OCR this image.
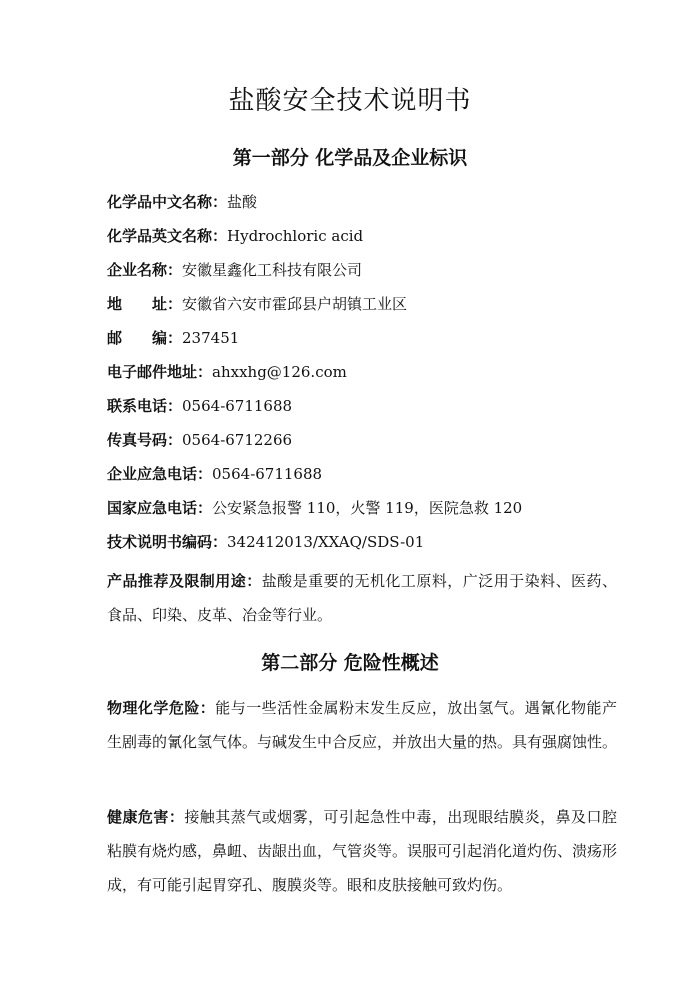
盐酸安全技术说明书
第一部分 化学品及企业标识
化学品中文名称：盐酸
化学品英文名称：Hydrochloric acid
企业名称：安徽星鑫化工科技有限公司
地　　址：安徽省六安市霍邱县户胡镇工业区
邮　　编：237451
电子邮件地址：ahxxhg@126.com
联系电话：0564-6711688
传真号码：0564-6712266
企业应急电话：0564-6711688
国家应急电话：公安紧急报警 110，火警 119，医院急救 120
技术说明书编码：342412013/XXAQ/SDS-01
产品推荐及限制用途：盐酸是重要的无机化工原料，广泛用于染料、医药、食品、印染、皮革、冶金等行业。
第二部分 危险性概述
物理化学危险：能与一些活性金属粉末发生反应，放出氢气。遇氰化物能产生剧毒的氰化氢气体。与碱发生中合反应，并放出大量的热。具有强腐蚀性。
健康危害：接触其蒸气或烟雾，可引起急性中毒，出现眼结膜炎，鼻及口腔粘膜有烧灼感，鼻衄、齿龈出血，气管炎等。误服可引起消化道灼伤、溃疡形成，有可能引起胃穿孔、腹膜炎等。眼和皮肤接触可致灼伤。
